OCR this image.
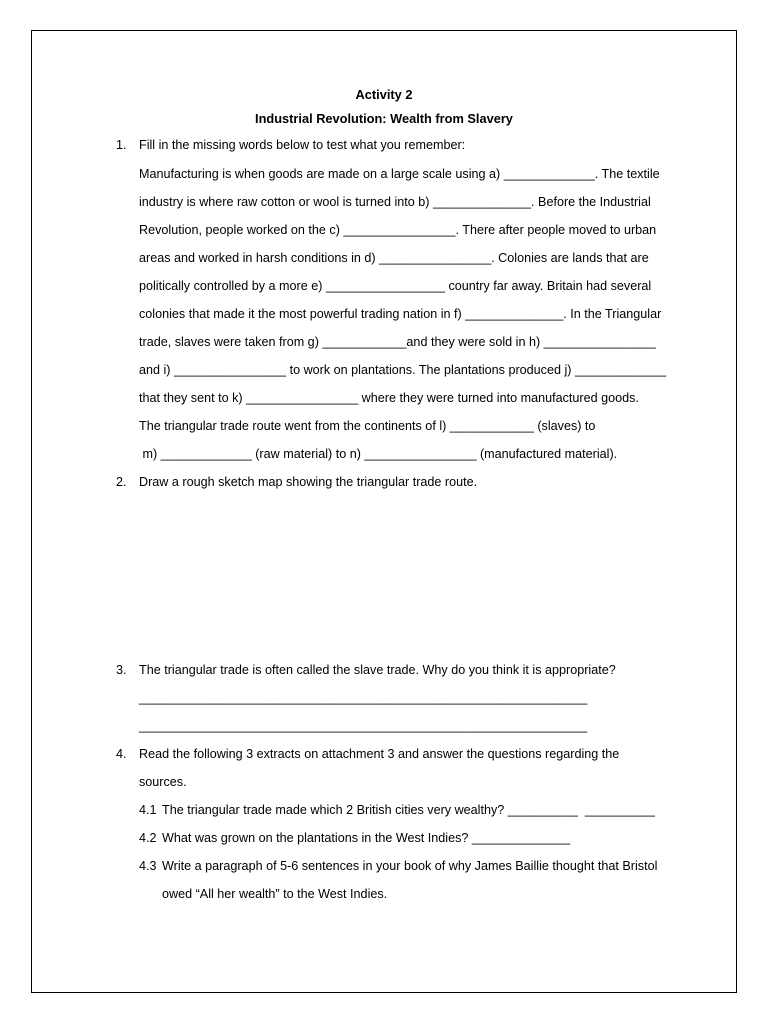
Activity 2
Industrial Revolution: Wealth from Slavery
1. Fill in the missing words below to test what you remember:
Manufacturing is when goods are made on a large scale using a) _____________. The textile
industry is where raw cotton or wool is turned into b) ______________. Before the Industrial
Revolution, people worked on the c) ________________. There after people moved to urban
areas and worked in harsh conditions in d) ________________. Colonies are lands that are
politically controlled by a more e) _________________ country far away. Britain had several
colonies that made it the most powerful trading nation in f) ______________. In the Triangular
trade, slaves were taken from g) ____________and they were sold in h) ________________
and i) ________________ to work on plantations. The plantations produced j) _____________
that they sent to k) ________________ where they were turned into manufactured goods.
The triangular trade route went from the continents of l) ____________ (slaves) to
m) _____________ (raw material) to n) ________________ (manufactured material).
2. Draw a rough sketch map showing the triangular trade route.
3. The triangular trade is often called the slave trade. Why do you think it is appropriate?
________________________________________________________________
________________________________________________________________
4. Read the following 3 extracts on attachment 3 and answer the questions regarding the
sources.
4.1 The triangular trade made which 2 British cities very wealthy? __________  __________
4.2 What was grown on the plantations in the West Indies? ______________
4.3 Write a paragraph of 5-6 sentences in your book of why James Baillie thought that Bristol
owed “All her wealth” to the West Indies.
